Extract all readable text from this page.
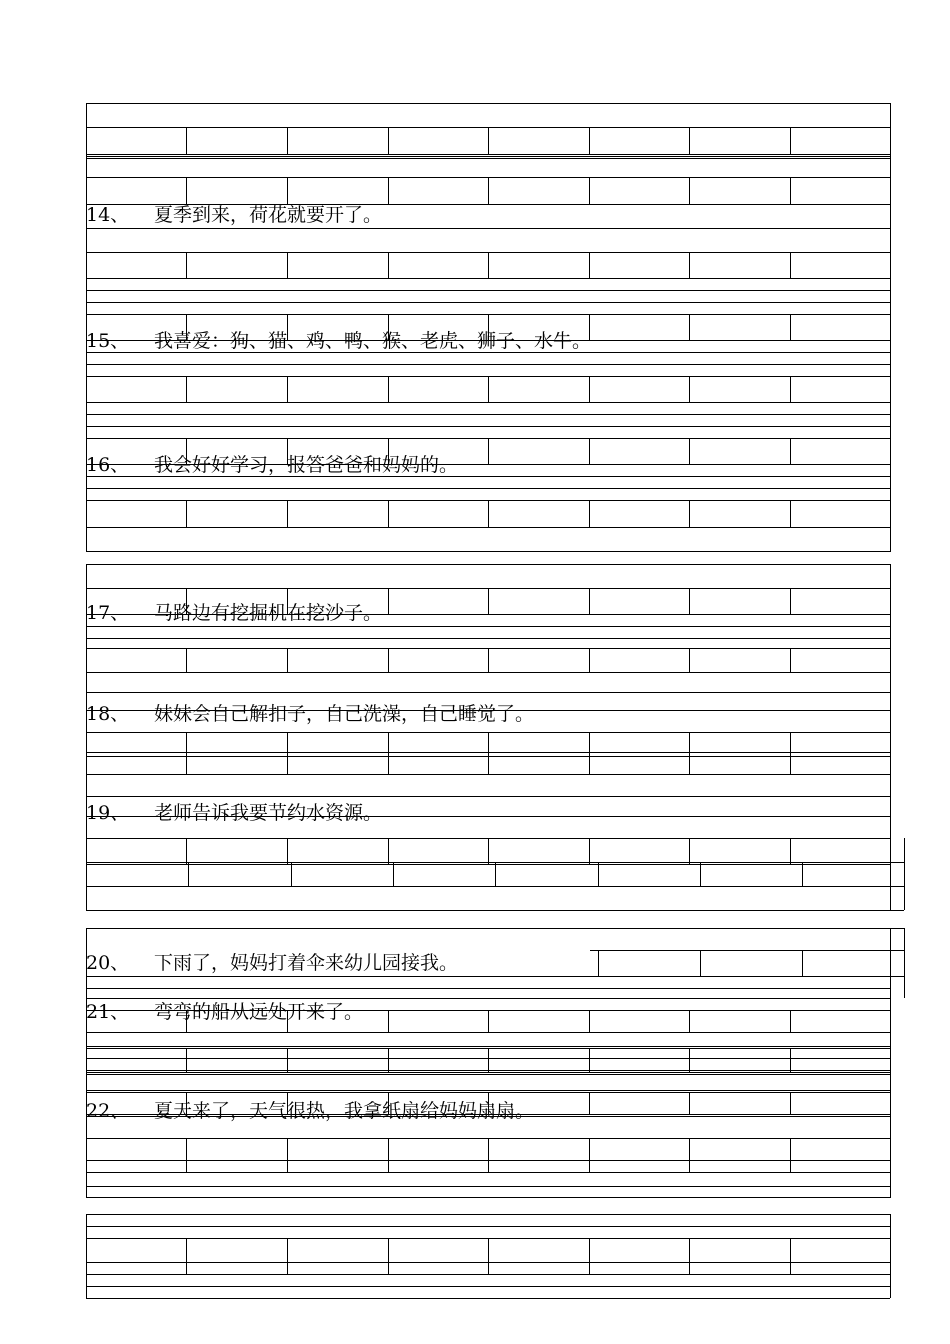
14、 夏季到来，荷花就要开了。
15、 我喜爱：狗、猫、鸡、鸭、猴、老虎、狮子、水牛。
16、 我会好好学习，报答爸爸和妈妈的。
17、 马路边有挖掘机在挖沙子。
18、 妹妹会自己解扣子，自己洗澡，自己睡觉了。
19、 老师告诉我要节约水资源。
20、 下雨了，妈妈打着伞来幼儿园接我。
21、 弯弯的船从远处开来了。
22、 夏天来了，天气很热，我拿纸扇给妈妈扇扇。
